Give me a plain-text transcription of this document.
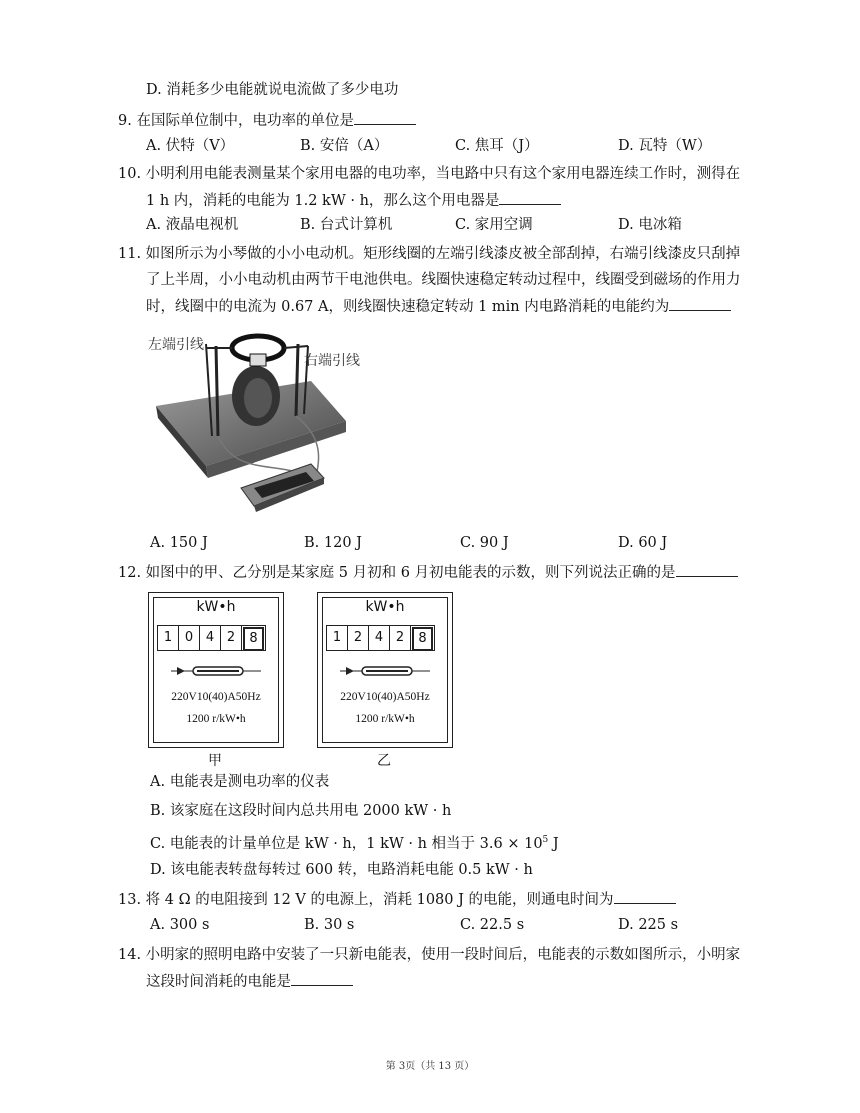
D. 消耗多少电能就说电流做了多少电功
9. 在国际单位制中，电功率的单位是
A. 伏特（V）	B. 安倍（A）	C. 焦耳（J）	D. 瓦特（W）
10. 小明利用电能表测量某个家用电器的电功率，当电路中只有这个家用电器连续工作时，测得在
1 h 内，消耗的电能为 1.2 kW · h，那么这个用电器是
A. 液晶电视机	B. 台式计算机	C. 家用空调	D. 电冰箱
11. 如图所示为小琴做的小小电动机。矩形线圈的左端引线漆皮被全部刮掉，右端引线漆皮只刮掉
了上半周，小小电动机由两节干电池供电。线圈快速稳定转动过程中，线圈受到磁场的作用力
时，线圈中的电流为 0.67 A，则线圈快速稳定转动 1 min 内电路消耗的电能约为
左端引线
右端引线
A. 150 J	B. 120 J	C. 90 J	D. 60 J
12. 如图中的甲、乙分别是某家庭 5 月初和 6 月初电能表的示数，则下列说法正确的是
kW•h
1 0 4 2	8
220V10(40)A50Hz
1200 r/kW•h
甲
kW•h
1 2 4 2	8
220V10(40)A50Hz
1200 r/kW•h
乙
A. 电能表是测电功率的仪表
B. 该家庭在这段时间内总共用电 2000 kW · h
C. 电能表的计量单位是 kW · h，1 kW · h 相当于 $3.6 \times 10^5$ J
D. 该电能表转盘每转过 600 转，电路消耗电能 0.5 kW · h
13. 将 4 Ω 的电阻接到 12 V 的电源上，消耗 1080 J 的电能，则通电时间为
A. 300 s	B. 30 s	C. 22.5 s	D. 225 s
14. 小明家的照明电路中安装了一只新电能表，使用一段时间后，电能表的示数如图所示，小明家
这段时间消耗的电能是
第 3页（共 13 页）
